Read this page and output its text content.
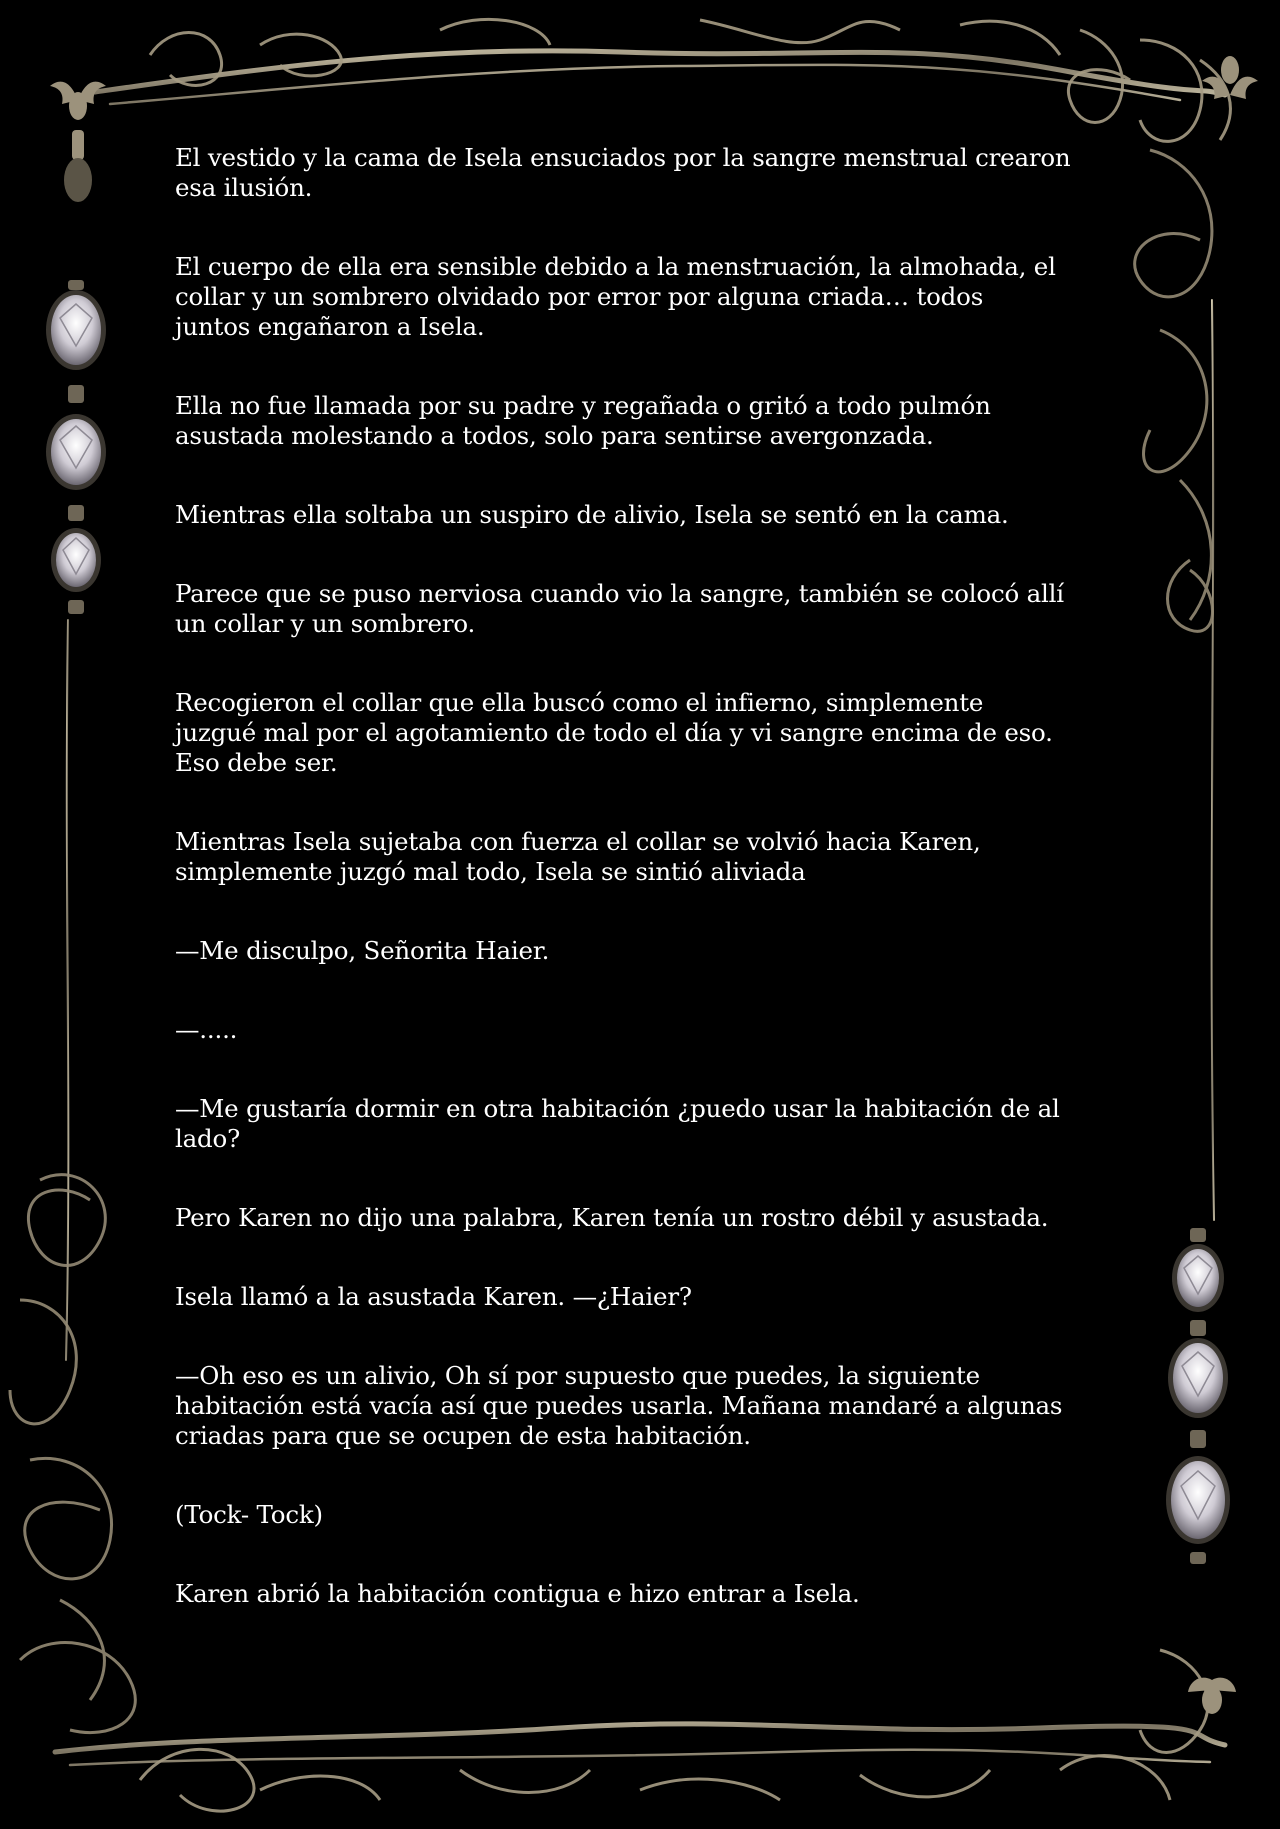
El vestido y la cama de Isela ensuciados por la sangre menstrual crearon
esa ilusión.

El cuerpo de ella era sensible debido a la menstruación, la almohada, el
collar y un sombrero olvidado por error por alguna criada… todos
juntos engañaron a Isela.

Ella no fue llamada por su padre y regañada o gritó a todo pulmón
asustada molestando a todos, solo para sentirse avergonzada.

Mientras ella soltaba un suspiro de alivio, Isela se sentó en la cama.

Parece que se puso nerviosa cuando vio la sangre, también se colocó allí
un collar y un sombrero.

Recogieron el collar que ella buscó como el infierno, simplemente
juzgué mal por el agotamiento de todo el día y vi sangre encima de eso.
Eso debe ser.

Mientras Isela sujetaba con fuerza el collar se volvió hacia Karen,
simplemente juzgó mal todo, Isela se sintió aliviada

—Me disculpo, Señorita Haier.

—.....

—Me gustaría dormir en otra habitación ¿puedo usar la habitación de al
lado?

Pero Karen no dijo una palabra, Karen tenía un rostro débil y asustada.

Isela llamó a la asustada Karen. —¿Haier?

—Oh eso es un alivio, Oh sí por supuesto que puedes, la siguiente
habitación está vacía así que puedes usarla. Mañana mandaré a algunas
criadas para que se ocupen de esta habitación.

(Tock- Tock)

Karen abrió la habitación contigua e hizo entrar a Isela.
